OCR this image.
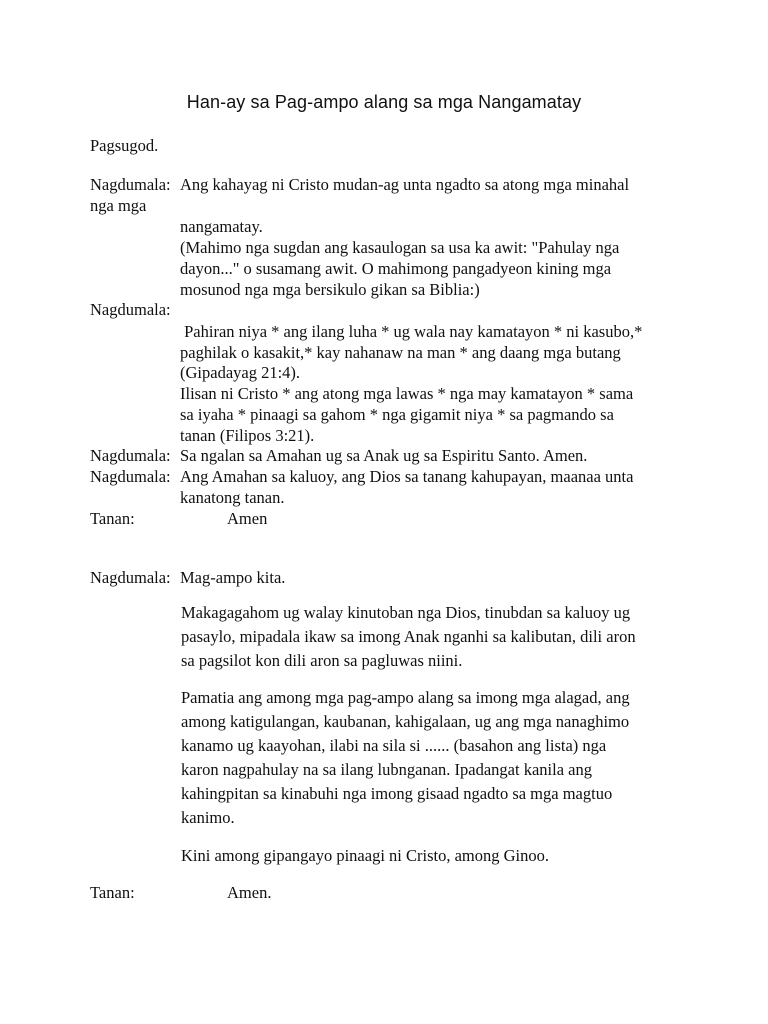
Han-ay sa Pag-ampo alang sa mga Nangamatay

Pagsugod.

Nagdumala: Ang kahayag ni Cristo mudan-ag unta ngadto sa atong mga minahal

nga mga

nangamatay.

(Mahimo nga sugdan ang kasaulogan sa usa ka awit: "Pahulay nga

dayon..." o susamang awit. O mahimong pangadyeon kining mga

mosunod nga mga bersikulo gikan sa Biblia:)

Nagdumala:

Pahiran niya * ang ilang luha * ug wala nay kamatayon * ni kasubo,*

paghilak o kasakit,* kay nahanaw na man * ang daang mga butang

(Gipadayag 21:4).

Ilisan ni Cristo * ang atong mga lawas * nga may kamatayon * sama

sa iyaha * pinaagi sa gahom * nga gigamit niya * sa pagmando sa

tanan (Filipos 3:21).

Nagdumala: Sa ngalan sa Amahan ug sa Anak ug sa Espiritu Santo. Amen.

Nagdumala: Ang Amahan sa kaluoy, ang Dios sa tanang kahupayan, maanaa unta

kanatong tanan.

Tanan:	Amen

Nagdumala: Mag-ampo kita.

Makagagahom ug walay kinutoban nga Dios, tinubdan sa kaluoy ug

pasaylo, mipadala ikaw sa imong Anak nganhi sa kalibutan, dili aron

sa pagsilot kon dili aron sa pagluwas niini.

Pamatia ang among mga pag-ampo alang sa imong mga alagad, ang

among katigulangan, kaubanan, kahigalaan, ug ang mga nanaghimo

kanamo ug kaayohan, ilabi na sila si ...... (basahon ang lista) nga

karon nagpahulay na sa ilang lubnganan. Ipadangat kanila ang

kahingpitan sa kinabuhi nga imong gisaad ngadto sa mga magtuo

kanimo.

Kini among gipangayo pinaagi ni Cristo, among Ginoo.

Tanan:	Amen.
